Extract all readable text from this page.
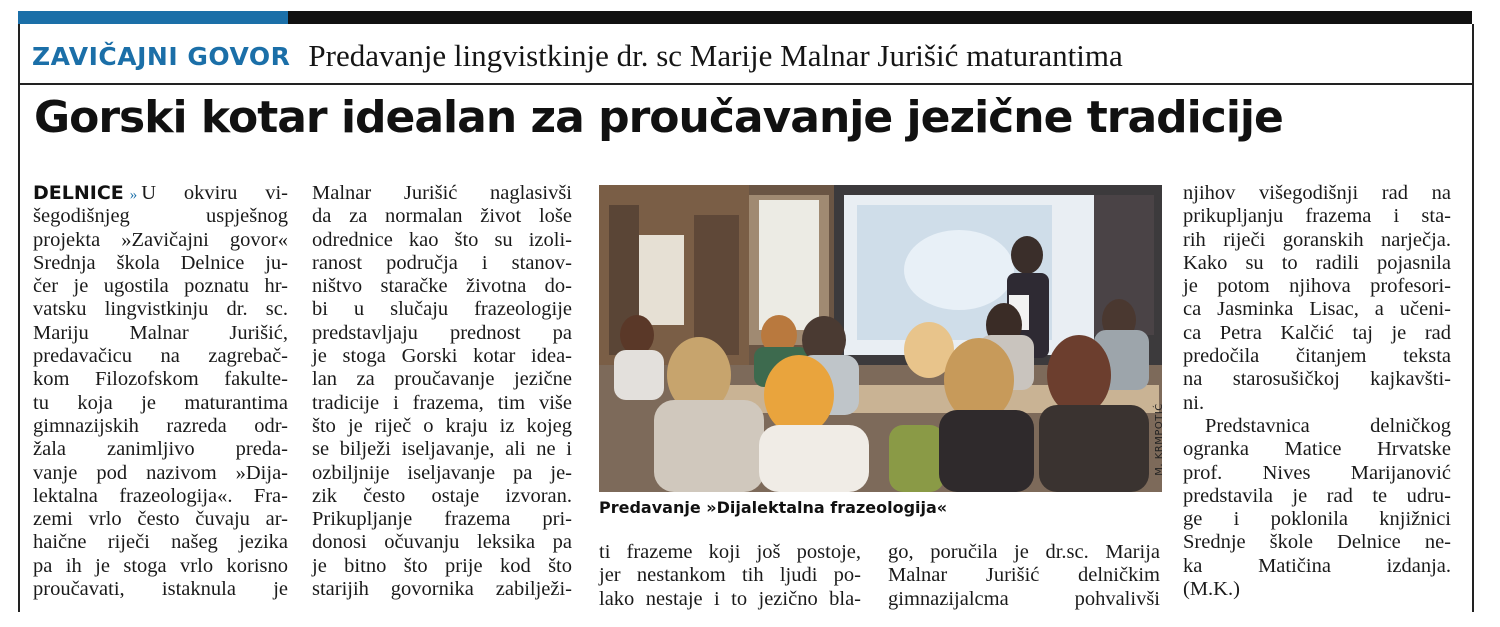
ZAVIČAJNI GOVOR Predavanje lingvistkinje dr. sc Marije Malnar Jurišić maturantima
Gorski kotar idealan za proučavanje jezične tradicije
DELNICE » U okviru vi-
šegodišnjeg uspješnog
projekta »Zavičajni govor«
Srednja škola Delnice ju-
čer je ugostila poznatu hr-
vatsku lingvistkinju dr. sc.
Mariju Malnar Jurišić,
predavačicu na zagrebač-
kom Filozofskom fakulte-
tu koja je maturantima
gimnazijskih razreda odr-
žala zanimljivo preda-
vanje pod nazivom »Dija-
lektalna frazeologija«. Fra-
zemi vrlo često čuvaju ar-
haične riječi našeg jezika
pa ih je stoga vrlo korisno
proučavati, istaknula je
Malnar Jurišić naglasivši
da za normalan život loše
odrednice kao što su izoli-
ranost područja i stanov-
ništvo staračke životna do-
bi u slučaju frazeologije
predstavljaju prednost pa
je stoga Gorski kotar idea-
lan za proučavanje jezične
tradicije i frazema, tim više
što je riječ o kraju iz kojeg
se bilježi iseljavanje, ali ne i
ozbiljnije iseljavanje pa je-
zik često ostaje izvoran.
Prikupljanje frazema pri-
donosi očuvanju leksika pa
je bitno što prije kod što
starijih govornika zabilježi-
M. KRMPOTIĆ
Predavanje »Dijalektalna frazeologija«
ti frazeme koji još postoje,
jer nestankom tih ljudi po-
lako nestaje i to jezično bla-
go, poručila je dr.sc. Marija
Malnar Jurišić delničkim
gimnazijalcma pohvalivši
njihov višegodišnji rad na
prikupljanju frazema i sta-
rih riječi goranskih narječja.
Kako su to radili pojasnila
je potom njihova profesori-
ca Jasminka Lisac, a učeni-
ca Petra Kalčić taj je rad
predočila čitanjem teksta
na starosušičkoj kajkavšti-
ni.
Predstavnica delničkog
ogranka Matice Hrvatske
prof. Nives Marijanović
predstavila je rad te udru-
ge i poklonila knjižnici
Srednje škole Delnice ne-
ka Matičina izdanja.
(M.K.)
